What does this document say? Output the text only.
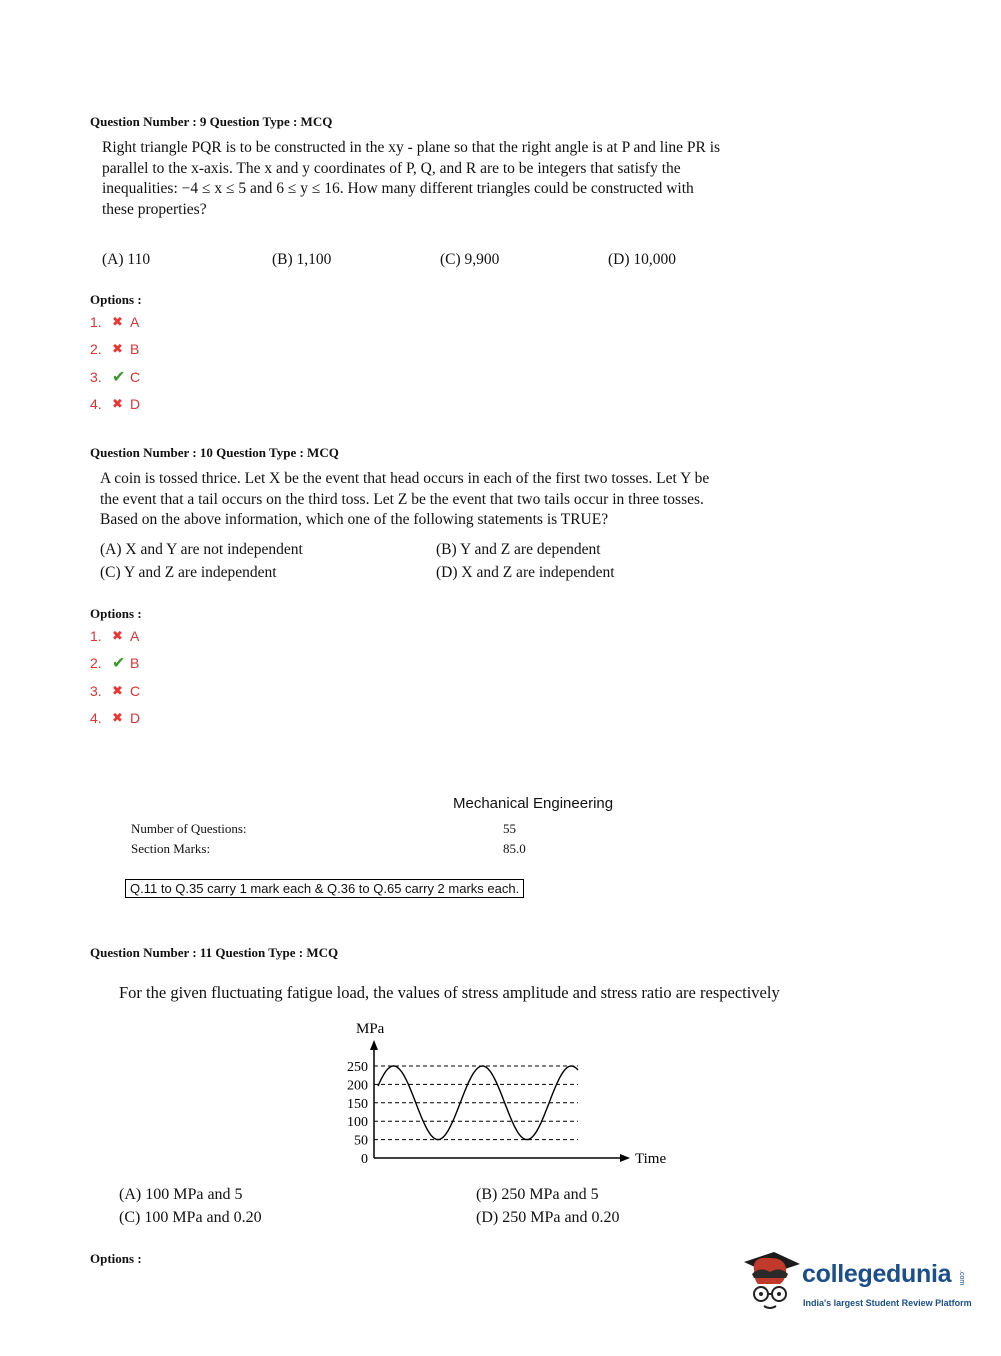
Question Number : 9 Question Type : MCQ
Right triangle PQR is to be constructed in the xy - plane so that the right angle is at P and line PR is
parallel to the x-axis. The x and y coordinates of P, Q, and R are to be integers that satisfy the
inequalities: −4 ≤ x ≤ 5 and 6 ≤ y ≤ 16. How many different triangles could be constructed with
these properties?
(A) 110	(B) 1,100	(C) 9,900	(D) 10,000
Options :
1. ✖ A
2. ✖ B
3. ✔ C
4. ✖ D
Question Number : 10 Question Type : MCQ
A coin is tossed thrice. Let X be the event that head occurs in each of the first two tosses. Let Y be
the event that a tail occurs on the third toss. Let Z be the event that two tails occur in three tosses.
Based on the above information, which one of the following statements is TRUE?
(A) X and Y are not independent	(B) Y and Z are dependent
(C) Y and Z are independent	(D) X and Z are independent
Options :
1. ✖ A
2. ✔ B
3. ✖ C
4. ✖ D
Mechanical Engineering
Number of Questions:	55
Section Marks:	85.0
Q.11 to Q.35 carry 1 mark each & Q.36 to Q.65 carry 2 marks each.
Question Number : 11 Question Type : MCQ
For the given fluctuating fatigue load, the values of stress amplitude and stress ratio are respectively
MPa
Time
0
50
100
150
200
250
(A) 100 MPa and 5	(B) 250 MPa and 5
(C) 100 MPa and 0.20	(D) 250 MPa and 0.20
Options :
collegedunia .com
India's largest Student Review Platform
